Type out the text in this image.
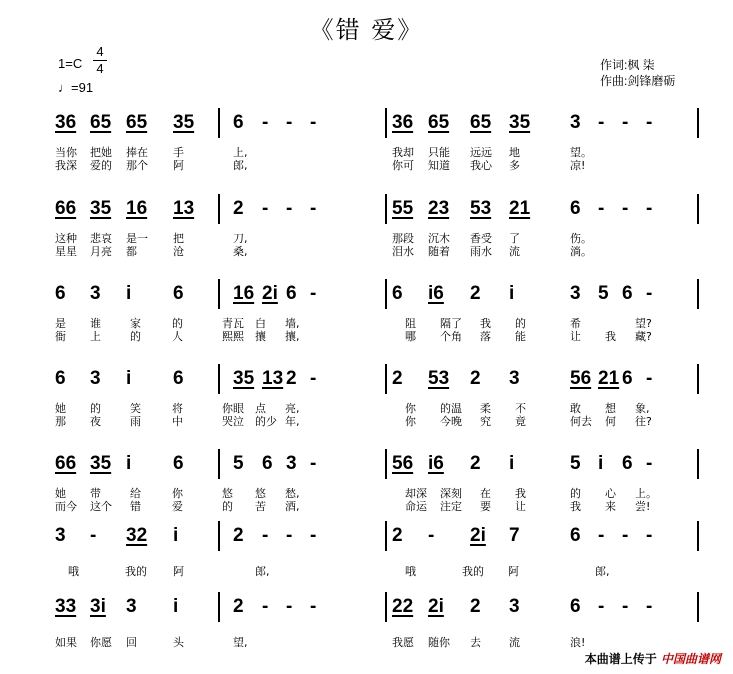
《错 爱》
1=C
4
4
♩=91
作词:枫 柒
作曲:剑锋磨砺
36 65 65 35 6 - - -	36 65 65 35 3 - - -
当你 把她 捧在 手	上,	我却 只能 远远 地	望。
我深 爱的 那个 阿	郎,	你可 知道 我心 多	凉!
66 35 16 13 2 - - -	55 23 53 21 6 - - -
这种 悲哀 是一 把	刀,	那段 沉木 香受 了	伤。
星星 月亮 都	沧	桑,	泪水 随着 雨水 流	淌。
6 3 i 6	16 2i 6 -	6 i6 2 i	3 5 6 -
是 谁	家	的	青瓦 白 墙,	阻 隔了 我 的	希	望?
衙 上	的	人	熙熙 攘 攘,	哪 个角 落 能	让 我 藏?
6 3 i 6	35 13 2 -	2 53 2 3	56 21 6 -
她 的	笑	将	你眼 点 亮,	你 的温 柔 不	敢 想 象,
那 夜	雨	中	哭泣 的少 年,	你 今晚 究 竟	何去 何 往?
66 35 i 6	5 6 3 -	56 i6 2 i	5 i 6 -
她 带	给	你	悠 悠 愁,	却深 深刻 在 我	的 心 上。
而今 这个 错	爱	的 苦 酒,	命运 注定 要 让	我 来 尝!
3 - 32 i	2 - - -	2 - 2i 7	6 - - -
哦	我的 阿	郎,	哦	我的 阿	郎,
33 3i 3 i	2 - - -	22 2i 2 3	6 - - -
如果 你愿 回	头	望,	我愿 随你 去	流	浪!
本曲谱上传于 中国曲谱网
